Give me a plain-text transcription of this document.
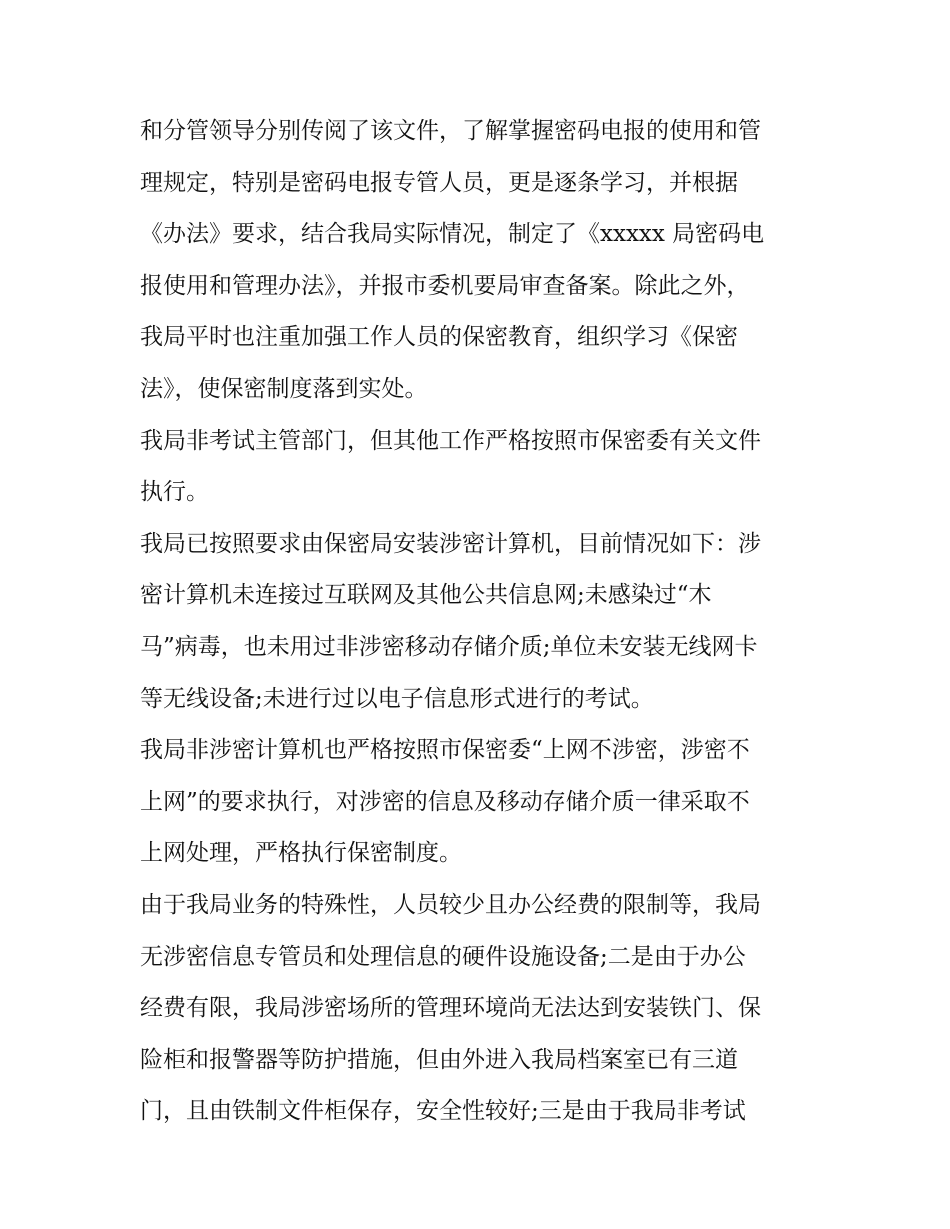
和分管领导分别传阅了该文件，了解掌握密码电报的使用和管
理规定，特别是密码电报专管人员，更是逐条学习，并根据
《办法》要求，结合我局实际情况，制定了《xxxxx 局密码电
报使用和管理办法》，并报市委机要局审查备案。除此之外，
我局平时也注重加强工作人员的保密教育，组织学习《保密
法》，使保密制度落到实处。
我局非考试主管部门，但其他工作严格按照市保密委有关文件
执行。
我局已按照要求由保密局安装涉密计算机，目前情况如下：涉
密计算机未连接过互联网及其他公共信息网;未感染过“木
马”病毒，也未用过非涉密移动存储介质;单位未安装无线网卡
等无线设备;未进行过以电子信息形式进行的考试。
我局非涉密计算机也严格按照市保密委“上网不涉密，涉密不
上网”的要求执行，对涉密的信息及移动存储介质一律采取不
上网处理，严格执行保密制度。
由于我局业务的特殊性，人员较少且办公经费的限制等，我局
无涉密信息专管员和处理信息的硬件设施设备;二是由于办公
经费有限，我局涉密场所的管理环境尚无法达到安装铁门、保
险柜和报警器等防护措施，但由外进入我局档案室已有三道
门，且由铁制文件柜保存，安全性较好;三是由于我局非考试
